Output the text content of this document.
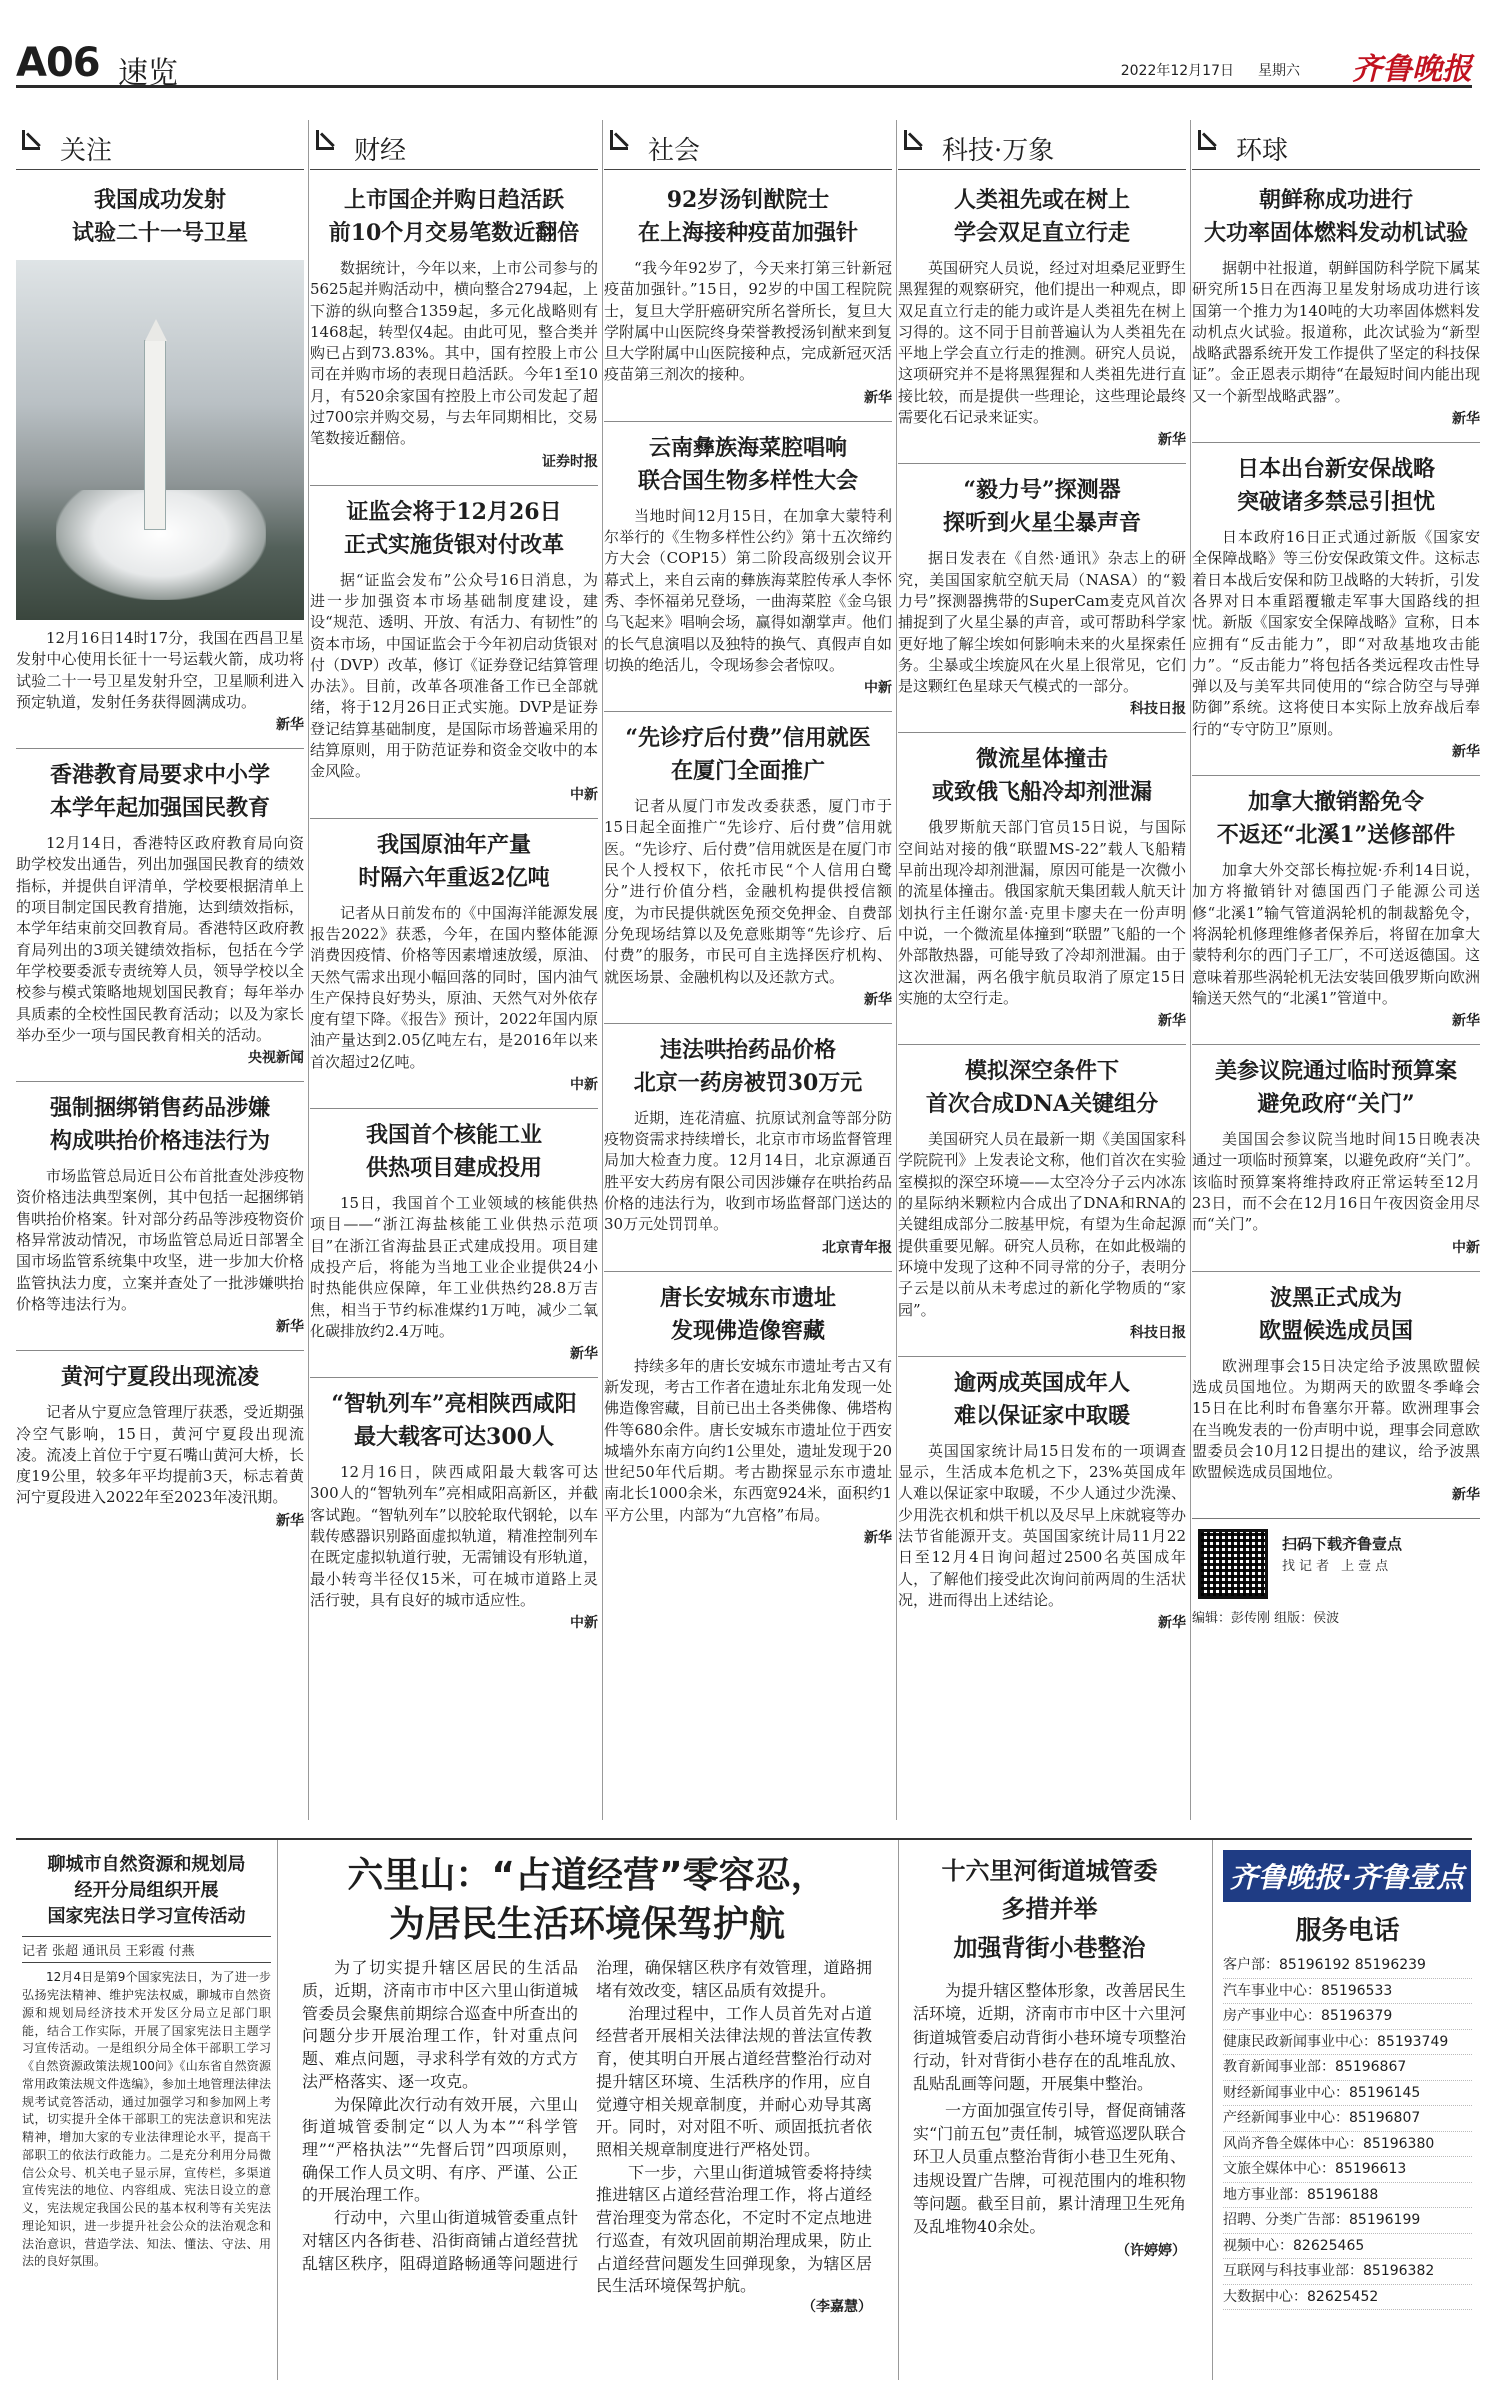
A06 速览	2022年12月17日 星期六 齐鲁晚报
关注
我国成功发射
试验二十一号卫星
12月16日14时17分，我国在西昌卫星发射中心使用长征十一号运载火箭，成功将试验二十一号卫星发射升空，卫星顺利进入预定轨道，发射任务获得圆满成功。
新华
香港教育局要求中小学
本学年起加强国民教育
12月14日，香港特区政府教育局向资助学校发出通告，列出加强国民教育的绩效指标，并提供自评清单，学校要根据清单上的项目制定国民教育措施，达到绩效指标，本学年结束前交回教育局。香港特区政府教育局列出的3项关键绩效指标，包括在今学年学校要委派专责统筹人员，领导学校以全校参与模式策略地规划国民教育；每年举办具质素的全校性国民教育活动；以及为家长举办至少一项与国民教育相关的活动。
央视新闻
强制捆绑销售药品涉嫌
构成哄抬价格违法行为
市场监管总局近日公布首批查处涉疫物资价格违法典型案例，其中包括一起捆绑销售哄抬价格案。针对部分药品等涉疫物资价格异常波动情况，市场监管总局近日部署全国市场监管系统集中攻坚，进一步加大价格监管执法力度，立案并查处了一批涉嫌哄抬价格等违法行为。
新华
黄河宁夏段出现流凌
记者从宁夏应急管理厅获悉，受近期强冷空气影响，15日，黄河宁夏段出现流凌。流凌上首位于宁夏石嘴山黄河大桥，长度19公里，较多年平均提前3天，标志着黄河宁夏段进入2022年至2023年凌汛期。
新华
财经
上市国企并购日趋活跃
前10个月交易笔数近翻倍
数据统计，今年以来，上市公司参与的5625起并购活动中，横向整合2794起，上下游的纵向整合1359起，多元化战略则有1468起，转型仅4起。由此可见，整合类并购已占到73.83%。其中，国有控股上市公司在并购市场的表现日趋活跃。今年1至10月，有520余家国有控股上市公司发起了超过700宗并购交易，与去年同期相比，交易笔数接近翻倍。
证券时报
证监会将于12月26日
正式实施货银对付改革
据“证监会发布”公众号16日消息，为进一步加强资本市场基础制度建设，建设“规范、透明、开放、有活力、有韧性”的资本市场，中国证监会于今年初启动货银对付（DVP）改革，修订《证券登记结算管理办法》。目前，改革各项准备工作已全部就绪，将于12月26日正式实施。DVP是证券登记结算基础制度，是国际市场普遍采用的结算原则，用于防范证券和资金交收中的本金风险。
中新
我国原油年产量
时隔六年重返2亿吨
记者从日前发布的《中国海洋能源发展报告2022》获悉，今年，在国内整体能源消费因疫情、价格等因素增速放缓，原油、天然气需求出现小幅回落的同时，国内油气生产保持良好势头，原油、天然气对外依存度有望下降。《报告》预计，2022年国内原油产量达到2.05亿吨左右，是2016年以来首次超过2亿吨。
中新
我国首个核能工业
供热项目建成投用
15日，我国首个工业领域的核能供热项目——“浙江海盐核能工业供热示范项目”在浙江省海盐县正式建成投用。项目建成投产后，将能为当地工业企业提供24小时热能供应保障，年工业供热约28.8万吉焦，相当于节约标准煤约1万吨，减少二氧化碳排放约2.4万吨。
新华
“智轨列车”亮相陕西咸阳
最大载客可达300人
12月16日，陕西咸阳最大载客可达300人的“智轨列车”亮相咸阳高新区，并截客试跑。“智轨列车”以胶轮取代钢轮，以车载传感器识别路面虚拟轨道，精准控制列车在既定虚拟轨道行驶，无需铺设有形轨道，最小转弯半径仅15米，可在城市道路上灵活行驶，具有良好的城市适应性。
中新
社会
92岁汤钊猷院士
在上海接种疫苗加强针
“我今年92岁了，今天来打第三针新冠疫苗加强针。”15日，92岁的中国工程院院士，复旦大学肝癌研究所名誉所长，复旦大学附属中山医院终身荣誉教授汤钊猷来到复旦大学附属中山医院接种点，完成新冠灭活疫苗第三剂次的接种。
新华
云南彝族海菜腔唱响
联合国生物多样性大会
当地时间12月15日，在加拿大蒙特利尔举行的《生物多样性公约》第十五次缔约方大会（COP15）第二阶段高级别会议开幕式上，来自云南的彝族海菜腔传承人李怀秀、李怀福弟兄登场，一曲海菜腔《金乌银乌飞起来》唱响会场，赢得如潮掌声。他们的长气息演唱以及独特的换气、真假声自如切换的绝活儿，令现场参会者惊叹。
中新
“先诊疗后付费”信用就医
在厦门全面推广
记者从厦门市发改委获悉，厦门市于15日起全面推广“先诊疗、后付费”信用就医。“先诊疗、后付费”信用就医是在厦门市民个人授权下，依托市民“个人信用白鹭分”进行价值分档，金融机构提供授信额度，为市民提供就医免预交免押金、自费部分免现场结算以及免意账期等“先诊疗、后付费”的服务，市民可自主选择医疗机构、就医场景、金融机构以及还款方式。
新华
违法哄抬药品价格
北京一药房被罚30万元
近期，连花清瘟、抗原试剂盒等部分防疫物资需求持续增长，北京市市场监督管理局加大检查力度。12月14日，北京源通百胜平安大药房有限公司因涉嫌存在哄抬药品价格的违法行为，收到市场监督部门送达的30万元处罚罚单。
北京青年报
唐长安城东市遗址
发现佛造像窖藏
持续多年的唐长安城东市遗址考古又有新发现，考古工作者在遗址东北角发现一处佛造像窖藏，目前已出土各类佛像、佛塔构件等680余件。唐长安城东市遗址位于西安城墙外东南方向约1公里处，遗址发现于20世纪50年代后期。考古勘探显示东市遗址南北长1000余米，东西宽924米，面积约1平方公里，内部为“九宫格”布局。
新华
科技·万象
人类祖先或在树上
学会双足直立行走
英国研究人员说，经过对坦桑尼亚野生黑猩猩的观察研究，他们提出一种观点，即双足直立行走的能力或许是人类祖先在树上习得的。这不同于目前普遍认为人类祖先在平地上学会直立行走的推测。研究人员说，这项研究并不是将黑猩猩和人类祖先进行直接比较，而是提供一些理论，这些理论最终需要化石记录来证实。
新华
“毅力号”探测器
探听到火星尘暴声音
据日发表在《自然·通讯》杂志上的研究，美国国家航空航天局（NASA）的“毅力号”探测器携带的SuperCam麦克风首次捕捉到了火星尘暴的声音，或可帮助科学家更好地了解尘埃如何影响未来的火星探索任务。尘暴或尘埃旋风在火星上很常见，它们是这颗红色星球天气模式的一部分。
科技日报
微流星体撞击
或致俄飞船冷却剂泄漏
俄罗斯航天部门官员15日说，与国际空间站对接的俄“联盟MS-22”载人飞船精早前出现冷却剂泄漏，原因可能是一次微小的流星体撞击。俄国家航天集团载人航天计划执行主任谢尔盖·克里卡廖夫在一份声明中说，一个微流星体撞到“联盟”飞船的一个外部散热器，可能导致了冷却剂泄漏。由于这次泄漏，两名俄宇航员取消了原定15日实施的太空行走。
新华
模拟深空条件下
首次合成DNA关键组分
美国研究人员在最新一期《美国国家科学院院刊》上发表论文称，他们首次在实验室模拟的深空环境——太空冷分子云内冰冻的星际纳米颗粒内合成出了DNA和RNA的关键组成部分二胺基甲烷，有望为生命起源提供重要见解。研究人员称，在如此极端的环境中发现了这种不同寻常的分子，表明分子云是以前从未考虑过的新化学物质的“家园”。
科技日报
逾两成英国成年人
难以保证家中取暖
英国国家统计局15日发布的一项调查显示，生活成本危机之下，23%英国成年人难以保证家中取暖，不少人通过少洗澡、少用洗衣机和烘干机以及尽早上床就寝等办法节省能源开支。英国国家统计局11月22日至12月4日询问超过2500名英国成年人，了解他们接受此次询问前两周的生活状况，进而得出上述结论。
新华
环球
朝鲜称成功进行
大功率固体燃料发动机试验
据朝中社报道，朝鲜国防科学院下属某研究所15日在西海卫星发射场成功进行该国第一个推力为140吨的大功率固体燃料发动机点火试验。报道称，此次试验为“新型战略武器系统开发工作提供了坚定的科技保证”。金正恩表示期待“在最短时间内能出现又一个新型战略武器”。
新华
日本出台新安保战略
突破诸多禁忌引担忧
日本政府16日正式通过新版《国家安全保障战略》等三份安保政策文件。这标志着日本战后安保和防卫战略的大转折，引发各界对日本重蹈覆辙走军事大国路线的担忧。新版《国家安全保障战略》宣称，日本应拥有“反击能力”，即“对敌基地攻击能力”。“反击能力”将包括各类远程攻击性导弹以及与美军共同使用的“综合防空与导弹防御”系统。这将使日本实际上放弃战后奉行的“专守防卫”原则。
新华
加拿大撤销豁免令
不返还“北溪1”送修部件
加拿大外交部长梅拉妮·乔利14日说，加方将撤销针对德国西门子能源公司送修“北溪1”输气管道涡轮机的制裁豁免令，将涡轮机修理维修者保养后，将留在加拿大蒙特利尔的西门子工厂，不可送返德国。这意味着那些涡轮机无法安装回俄罗斯向欧洲输送天然气的“北溪1”管道中。
新华
美参议院通过临时预算案
避免政府“关门”
美国国会参议院当地时间15日晚表决通过一项临时预算案，以避免政府“关门”。该临时预算案将维持政府正常运转至12月23日，而不会在12月16日午夜因资金用尽而“关门”。
中新
波黑正式成为
欧盟候选成员国
欧洲理事会15日决定给予波黑欧盟候选成员国地位。为期两天的欧盟冬季峰会15日在比利时布鲁塞尔开幕。欧洲理事会在当晚发表的一份声明中说，理事会同意欧盟委员会10月12日提出的建议，给予波黑欧盟候选成员国地位。
新华
扫码下载齐鲁壹点
找记者 上壹点
编辑：彭传刚 组版：侯波
聊城市自然资源和规划局
经开分局组织开展
国家宪法日学习宣传活动
记者 张超 通讯员 王彩霞 付燕
12月4日是第9个国家宪法日，为了进一步弘扬宪法精神、维护宪法权威，聊城市自然资源和规划局经济技术开发区分局立足部门职能，结合工作实际，开展了国家宪法日主题学习宣传活动。一是组织分局全体干部职工学习《自然资源政策法规100问》《山东省自然资源常用政策法规文件选编》，参加土地管理法律法规考试竞答活动，通过加强学习和参加网上考试，切实提升全体干部职工的宪法意识和宪法精神，增加大家的专业法律理论水平，提高干部职工的依法行政能力。二是充分利用分局微信公众号、机关电子显示屏，宣传栏，多渠道宣传宪法的地位、内容组成、宪法日设立的意义，宪法规定我国公民的基本权利等有关宪法理论知识，进一步提升社会公众的法治观念和法治意识，营造学法、知法、懂法、守法、用法的良好氛围。
六里山：“占道经营”零容忍，
为居民生活环境保驾护航

为了切实提升辖区居民的生活品质，近期，济南市市中区六里山街道城管委员会聚焦前期综合巡查中所查出的问题分步开展治理工作，针对重点问题、难点问题，寻求科学有效的方式方法严格落实、逐一攻克。

为保障此次行动有效开展，六里山街道城管委制定“以人为本”“科学管理”“严格执法”“先督后罚”四项原则，确保工作人员文明、有序、严谨、公正的开展治理工作。

行动中，六里山街道城管委重点针对辖区内各街巷、沿街商铺占道经营扰乱辖区秩序，阻碍道路畅通等问题进行治理，确保辖区秩序有效管理，道路拥堵有效改变，辖区品质有效提升。

治理过程中，工作人员首先对占道经营者开展相关法律法规的普法宣传教育，使其明白开展占道经营整治行动对提升辖区环境、生活秩序的作用，应自觉遵守相关规章制度，并耐心劝导其离开。同时，对对阻不听、顽固抵抗者依照相关规章制度进行严格处罚。

下一步，六里山街道城管委将持续推进辖区占道经营治理工作，将占道经营治理变为常态化，不定时不定点地进行巡查，有效巩固前期治理成果，防止占道经营问题发生回弹现象，为辖区居民生活环境保驾护航。

（李嘉慧）
十六里河街道城管委
多措并举
加强背街小巷整治
为提升辖区整体形象，改善居民生活环境，近期，济南市市中区十六里河街道城管委启动背街小巷环境专项整治行动，针对背街小巷存在的乱堆乱放、乱贴乱画等问题，开展集中整治。
一方面加强宣传引导，督促商铺落实“门前五包”责任制，城管巡逻队联合环卫人员重点整治背街小巷卫生死角、违规设置广告牌，可视范围内的堆积物等问题。截至目前，累计清理卫生死角及乱堆物40余处。
（许婷婷）
齐鲁晚报·齐鲁壹点
服务电话
客户部：85196192 85196239
汽车事业中心：85196533
房产事业中心：85196379
健康民政新闻事业中心：85193749
教育新闻事业部：85196867
财经新闻事业中心：85196145
产经新闻事业中心：85196807
风尚齐鲁全媒体中心：85196380
文旅全媒体中心：85196613
地方事业部：85196188
招聘、分类广告部：85196199
视频中心：82625465
互联网与科技事业部：85196382
大数据中心：82625452
